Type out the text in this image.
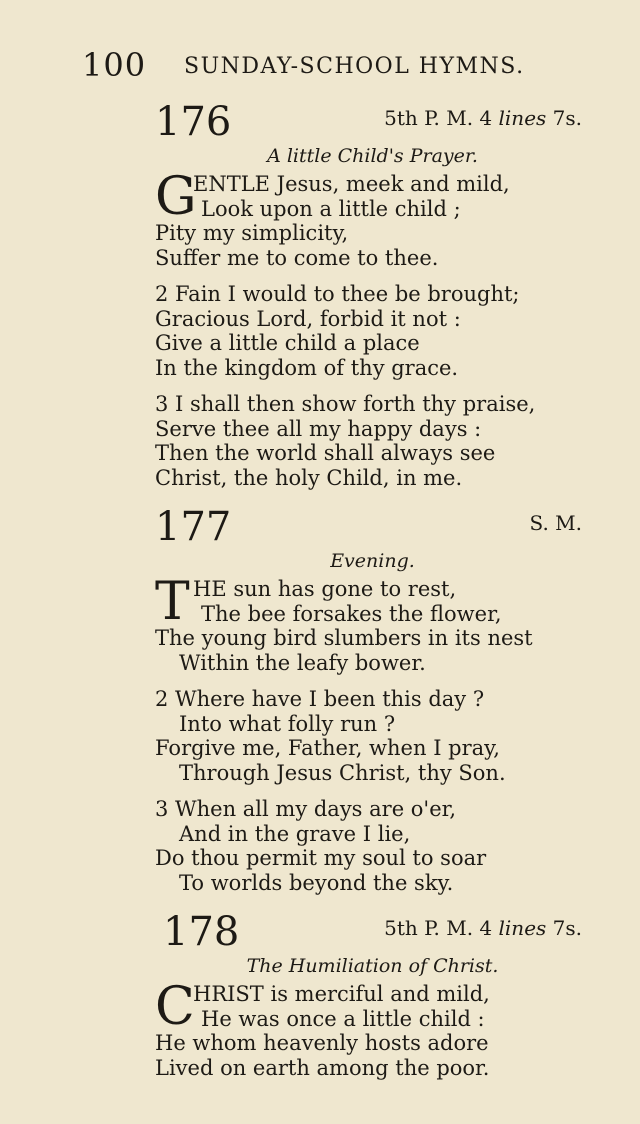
100 SUNDAY-SCHOOL HYMNS.
176	5th P. M. 4 lines 7s.
A little Child's Prayer.
G
ENTLE Jesus, meek and mild,
Look upon a little child ;
Pity my simplicity,
Suffer me to come to thee.
2 Fain I would to thee be brought;
Gracious Lord, forbid it not :
Give a little child a place
In the kingdom of thy grace.
3 I shall then show forth thy praise,
Serve thee all my happy days :
Then the world shall always see
Christ, the holy Child, in me.
177	S. M.
Evening.
T HE sun has gone to rest,
The bee forsakes the flower,
The young bird slumbers in its nest
Within the leafy bower.
2 Where have I been this day ?
Into what folly run ?
Forgive me, Father, when I pray,
Through Jesus Christ, thy Son.
3 When all my days are o'er,
And in the grave I lie,
Do thou permit my soul to soar
To worlds beyond the sky.
178	5th P. M. 4 lines 7s.
The Humiliation of Christ.
C
HRIST is merciful and mild,
He was once a little child :
He whom heavenly hosts adore
Lived on earth among the poor.
